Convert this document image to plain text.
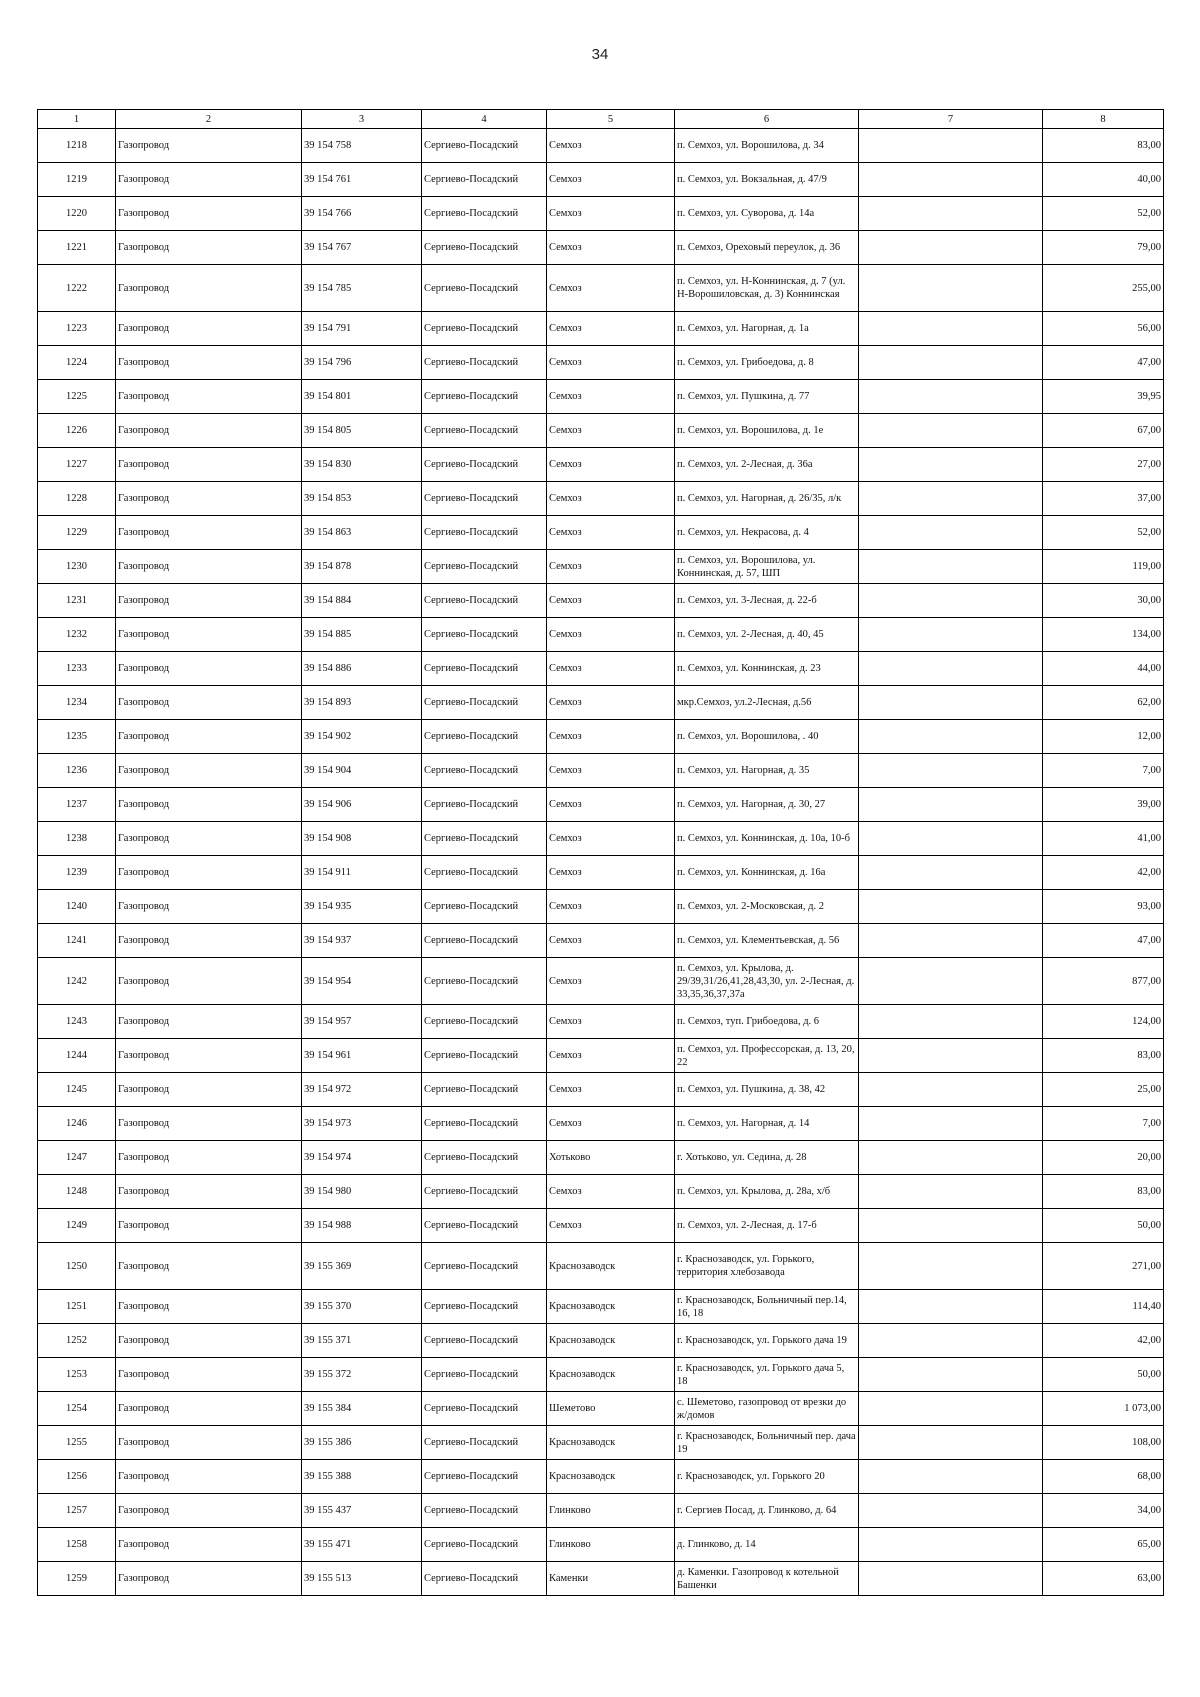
34
1	2	3	4	5	6	7	8
1218	Газопровод	39 154 758	Сергиево-Посадский	Семхоз	п. Семхоз, ул. Ворошилова, д. 34		83,00
1219	Газопровод	39 154 761	Сергиево-Посадский	Семхоз	п. Семхоз, ул. Вокзальная, д. 47/9		40,00
1220	Газопровод	39 154 766	Сергиево-Посадский	Семхоз	п. Семхоз, ул. Суворова, д. 14а		52,00
1221	Газопровод	39 154 767	Сергиево-Посадский	Семхоз	п. Семхоз, Ореховый переулок, д. 36		79,00
1222	Газопровод	39 154 785	Сергиево-Посадский	Семхоз	п. Семхоз, ул. Н-Коннинская, д. 7 (ул. Н-Ворошиловская, д. 3) Коннинская		255,00
1223	Газопровод	39 154 791	Сергиево-Посадский	Семхоз	п. Семхоз, ул. Нагорная, д. 1а		56,00
1224	Газопровод	39 154 796	Сергиево-Посадский	Семхоз	п. Семхоз, ул. Грибоедова, д. 8		47,00
1225	Газопровод	39 154 801	Сергиево-Посадский	Семхоз	п. Семхоз, ул. Пушкина, д. 77		39,95
1226	Газопровод	39 154 805	Сергиево-Посадский	Семхоз	п. Семхоз, ул. Ворошилова, д. 1е		67,00
1227	Газопровод	39 154 830	Сергиево-Посадский	Семхоз	п. Семхоз, ул. 2-Лесная, д. 36а		27,00
1228	Газопровод	39 154 853	Сергиево-Посадский	Семхоз	п. Семхоз, ул. Нагорная, д. 26/35, л/к		37,00
1229	Газопровод	39 154 863	Сергиево-Посадский	Семхоз	п. Семхоз, ул. Некрасова, д. 4		52,00
1230	Газопровод	39 154 878	Сергиево-Посадский	Семхоз	п. Семхоз, ул. Ворошилова, ул. Коннинская, д. 57, ШП		119,00
1231	Газопровод	39 154 884	Сергиево-Посадский	Семхоз	п. Семхоз, ул. 3-Лесная, д. 22-б		30,00
1232	Газопровод	39 154 885	Сергиево-Посадский	Семхоз	п. Семхоз, ул. 2-Лесная, д. 40, 45		134,00
1233	Газопровод	39 154 886	Сергиево-Посадский	Семхоз	п. Семхоз, ул. Коннинская, д. 23		44,00
1234	Газопровод	39 154 893	Сергиево-Посадский	Семхоз	мкр.Семхоз, ул.2-Лесная, д.56		62,00
1235	Газопровод	39 154 902	Сергиево-Посадский	Семхоз	п. Семхоз, ул. Ворошилова, . 40		12,00
1236	Газопровод	39 154 904	Сергиево-Посадский	Семхоз	п. Семхоз, ул. Нагорная, д. 35		7,00
1237	Газопровод	39 154 906	Сергиево-Посадский	Семхоз	п. Семхоз, ул. Нагорная, д. 30, 27		39,00
1238	Газопровод	39 154 908	Сергиево-Посадский	Семхоз	п. Семхоз, ул. Коннинская, д. 10а, 10-б		41,00
1239	Газопровод	39 154 911	Сергиево-Посадский	Семхоз	п. Семхоз, ул. Коннинская, д. 16а		42,00
1240	Газопровод	39 154 935	Сергиево-Посадский	Семхоз	п. Семхоз, ул. 2-Московская, д. 2		93,00
1241	Газопровод	39 154 937	Сергиево-Посадский	Семхоз	п. Семхоз, ул. Клементьевская, д. 56		47,00
1242	Газопровод	39 154 954	Сергиево-Посадский	Семхоз	п. Семхоз, ул. Крылова, д. 29/39,31/26,41,28,43,30, ул. 2-Лесная, д. 33,35,36,37,37а		877,00
1243	Газопровод	39 154 957	Сергиево-Посадский	Семхоз	п. Семхоз, туп. Грибоедова, д. 6		124,00
1244	Газопровод	39 154 961	Сергиево-Посадский	Семхоз	п. Семхоз, ул. Профессорская, д. 13, 20, 22		83,00
1245	Газопровод	39 154 972	Сергиево-Посадский	Семхоз	п. Семхоз, ул. Пушкина, д. 38, 42		25,00
1246	Газопровод	39 154 973	Сергиево-Посадский	Семхоз	п. Семхоз, ул. Нагорная, д. 14		7,00
1247	Газопровод	39 154 974	Сергиево-Посадский	Хотьково	г. Хотьково, ул. Седина, д. 28		20,00
1248	Газопровод	39 154 980	Сергиево-Посадский	Семхоз	п. Семхоз, ул. Крылова, д. 28а, х/б		83,00
1249	Газопровод	39 154 988	Сергиево-Посадский	Семхоз	п. Семхоз, ул. 2-Лесная, д. 17-б		50,00
1250	Газопровод	39 155 369	Сергиево-Посадский	Краснозаводск	г. Краснозаводск, ул. Горького, территория хлебозавода		271,00
1251	Газопровод	39 155 370	Сергиево-Посадский	Краснозаводск	г. Краснозаводск, Больничный пер.14, 16, 18		114,40
1252	Газопровод	39 155 371	Сергиево-Посадский	Краснозаводск	г. Краснозаводск, ул. Горького дача 19		42,00
1253	Газопровод	39 155 372	Сергиево-Посадский	Краснозаводск	г. Краснозаводск, ул. Горького дача 5, 18		50,00
1254	Газопровод	39 155 384	Сергиево-Посадский	Шеметово	с. Шеметово, газопровод от врезки до ж/домов		1 073,00
1255	Газопровод	39 155 386	Сергиево-Посадский	Краснозаводск	г. Краснозаводск, Больничный пер. дача 19		108,00
1256	Газопровод	39 155 388	Сергиево-Посадский	Краснозаводск	г. Краснозаводск, ул. Горького 20		68,00
1257	Газопровод	39 155 437	Сергиево-Посадский	Глинково	г. Сергиев Посад, д. Глинково, д. 64		34,00
1258	Газопровод	39 155 471	Сергиево-Посадский	Глинково	д. Глинково, д. 14		65,00
1259	Газопровод	39 155 513	Сергиево-Посадский	Каменки	д. Каменки. Газопровод к котельной Башенки		63,00
